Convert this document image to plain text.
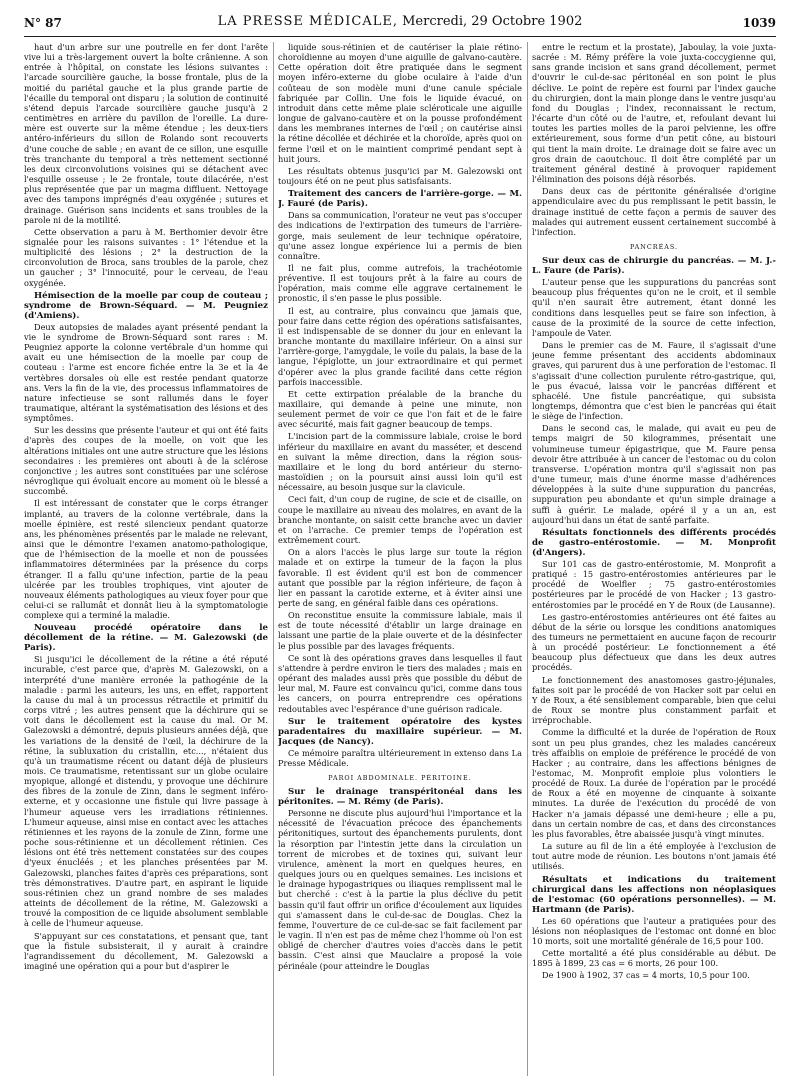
N° 87	LA PRESSE MÉDICALE, Mercredi, 29 Octobre 1902	1039

haut d'un arbre sur une poutrelle en fer dont l'arête vive lui a très-largement ouvert la boîte crânienne. A son entrée à l'hôpital, on constate les lésions suivantes : l'arcade sourcilière gauche, la bosse frontale, plus de la moitié du pariétal gauche et la plus grande partie de l'écaille du temporal ont disparu ; la solution de continuité s'étend depuis l'arcade sourcilière gauche jusqu'à 2 centimètres en arrière du pavillon de l'oreille. La dure-mère est ouverte sur la même étendue ; les deux-tiers antéro-inférieurs du sillon de Rolando sont recouverts d'une couche de sable ; en avant de ce sillon, une esquille très tranchante du temporal a très nettement sectionné les deux circonvolutions voisines qui se détachent avec l'esquille osseuse ; le 2e frontale, toute dilacérée, n'est plus représentée que par un magma diffluent. Nettoyage avec des tampons imprégnés d'eau oxygénée ; sutures et drainage. Guérison sans incidents et sans troubles de la parole ni de la motilité.

Cette observation a paru à M. Berthomier devoir être signalée pour les raisons suivantes : 1° l'étendue et la multiplicité des lésions ; 2° la destruction de la circonvolution de Broca, sans troubles de la parole, chez un gaucher ; 3° l'innocuité, pour le cerveau, de l'eau oxygénée.

Hémisection de la moelle par coup de couteau ; syndrome de Brown-Séquard. — M. Peugniez (d'Amiens).

Deux autopsies de malades ayant présenté pendant la vie le syndrome de Brown-Séquard sont rares : M. Peugniez apporte la colonne vertébrale d'un homme qui avait eu une hémisection de la moelle par coup de couteau : l'arme est encore fichée entre la 3e et la 4e vertèbres dorsales où elle est restée pendant quatorze ans. Vers la fin de la vie, des processus inflammatoires de nature infectieuse se sont rallumés dans le foyer traumatique, altérant la systématisation des lésions et des symptômes.

Sur les dessins que présente l'auteur et qui ont été faits d'après des coupes de la moelle, on voit que les altérations initiales ont une autre structure que les lésions secondaires : les premières ont abouti à de la sclérose conjonctive ; les autres sont constituées par une sclérose névroglique qui évoluait encore au moment où le blessé a succombé.

Il est intéressant de constater que le corps étranger implanté, au travers de la colonne vertébrale, dans la moelle épinière, est resté silencieux pendant quatorze ans, les phénomènes présentés par le malade ne relevant, ainsi que le démontre l'examen anatomo-pathologique, que de l'hémisection de la moelle et non de poussées inflammatoires déterminées par la présence du corps étranger. Il a fallu qu'une infection, partie de la peau ulcérée par les troubles trophiques, vint ajouter de nouveaux éléments pathologiques au vieux foyer pour que celui-ci se rallumât et donnât lieu à la symptomatologie complexe qui a terminé la maladie.

Nouveau procédé opératoire dans le décollement de la rétine. — M. Galezowski (de Paris).

Si jusqu'ici le décollement de la rétine a été réputé incurable, c'est parce que, d'après M. Galezowski, on a interprété d'une manière erronée la pathogénie de la maladie : parmi les auteurs, les uns, en effet, rapportent la cause du mal à un processus rétractile et primitif du corps vitré ; les autres pensent que la déchirure qui se voit dans le décollement est la cause du mal. Or M. Galezowski a démontré, depuis plusieurs années déjà, que les variations de la densité de l'œil, la déchirure de la rétine, la subluxation du cristallin, etc..., n'étaient dus qu'à un traumatisme récent ou datant déjà de plusieurs mois. Ce traumatisme, retentissant sur un globe oculaire myopique, allongé et distendu, y provoque une déchirure des fibres de la zonule de Zinn, dans le segment inféro-externe, et y occasionne une fistule qui livre passage à l'humeur aqueuse vers les irradiations rétiniennes. L'humeur aqueuse, ainsi mise en contact avec les attaches rétiniennes et les rayons de la zonule de Zinn, forme une poche sous-rétinienne et un décollement rétinien. Ces lésions ont été très nettement constatées sur des coupes d'yeux énucléés ; et les planches présentées par M. Galezowski, planches faites d'après ces préparations, sont très démonstratives. D'autre part, en aspirant le liquide sous-rétinien chez un grand nombre de ses malades atteints de décollement de la rétine, M. Galezowski a trouvé la composition de ce liquide absolument semblable à celle de l'humeur aqueuse.

S'appuyant sur ces constatations, et pensant que, tant que la fistule subsisterait, il y aurait à craindre l'agrandissement du décollement, M. Galezowski a imaginé une opération qui a pour but d'aspirer le

liquide sous-rétinien et de cautériser la plaie rétino-choroïdienne au moyen d'une aiguille de galvano-cautère. Cette opération doit être pratiquée dans le segment moyen inféro-externe du globe oculaire à l'aide d'un coûteau de son modèle muni d'une canule spéciale fabriquée par Collin. Une fois le liquide évacué, on introduit dans cette même plaie scléroticale une aiguille longue de galvano-cautère et on la pousse profondément dans les membranes internes de l'œil ; on cautérise ainsi la rétine décollée et déchirée et la choroïde, après quoi on ferme l'œil et on le maintient comprimé pendant sept à huit jours.

Les résultats obtenus jusqu'ici par M. Galezowski ont toujours été on ne peut plus satisfaisants.

Traitement des cancers de l'arrière-gorge. — M. J. Fauré (de Paris).

Dans sa communication, l'orateur ne veut pas s'occuper des indications de l'extirpation des tumeurs de l'arrière-gorge, mais seulement de leur technique opératoire, qu'une assez longue expérience lui a permis de bien connaître.

Il ne fait plus, comme autrefois, la trachéotomie préventive. Il est toujours prêt à la faire au cours de l'opération, mais comme elle aggrave certainement le pronostic, il s'en passe le plus possible.

Il est, au contraire, plus convaincu que jamais que, pour faire dans cette région des opérations satisfaisantes, il est indispensable de se donner du jour en enlevant la branche montante du maxillaire inférieur. On a ainsi sur l'arrière-gorge, l'amygdale, le voile du palais, la base de la langue, l'épiglotte, un jour extraordinaire et qui permet d'opérer avec la plus grande facilité dans cette région parfois inaccessible.

Et cette extirpation préalable de la branche du maxillaire, qui demande à peine une minute, non seulement permet de voir ce que l'on fait et de le faire avec sécurité, mais fait gagner beaucoup de temps.

L'incision part de la commissure labiale, croise le bord inférieur du maxillaire en avant du masséter, et descend en suivant la même direction, dans la région sous-maxillaire et le long du bord antérieur du sterno-mastoïdien ; on la poursuit ainsi aussi loin qu'il est nécessaire, au besoin jusque sur la clavicule.

Ceci fait, d'un coup de rugine, de scie et de cisaille, on coupe le maxillaire au niveau des molaires, en avant de la branche montante, on saisit cette branche avec un davier et on l'arrache. Ce premier temps de l'opération est extrêmement court.

On a alors l'accès le plus large sur toute la région malade et on extirpe la tumeur de la façon la plus favorable. Il est évident qu'il est bon de commencer autant que possible par la région inférieure, de façon à lier en passant la carotide externe, et à éviter ainsi une perte de sang, en général faible dans ces opérations.

On reconstitue ensuite la commissure labiale, mais il est de toute nécessité d'établir un large drainage en laissant une partie de la plaie ouverte et de la désinfecter le plus possible par des lavages fréquents.

Ce sont là des opérations graves dans lesquelles il faut s'attendre à perdre environ le tiers des malades ; mais en opérant des malades aussi près que possible du début de leur mal, M. Faure est convaincu qu'ici, comme dans tous les cancers, on pourra entreprendre ces opérations redoutables avec l'espérance d'une guérison radicale.

Sur le traitement opératoire des kystes paradentaires du maxillaire supérieur. — M. Jacques (de Nancy).

Ce mémoire paraîtra ultérieurement in extenso dans La Presse Médicale.

PAROI ABDOMINALE. PÉRITOINE.

Sur le drainage transpéritonéal dans les péritonites. — M. Rémy (de Paris).

Personne ne discute plus aujourd'hui l'importance et la nécessité de l'évacuation précoce des épanchements péritonitiques, surtout des épanchements purulents, dont la résorption par l'intestin jette dans la circulation un torrent de microbes et de toxines qui, suivant leur virulence, amènent la mort en quelques heures, en quelques jours ou en quelques semaines. Les incisions et le drainage hypogastriques ou iliaques remplissent mal le but cherché : c'est à la partie la plus déclive du petit bassin qu'il faut offrir un orifice d'écoulement aux liquides qui s'amassent dans le cul-de-sac de Douglas. Chez la femme, l'ouverture de ce cul-de-sac se fait facilement par le vagin. Il n'en est pas de même chez l'homme où l'on est obligé de chercher d'autres voies d'accès dans le petit bassin. C'est ainsi que Mauclaire a proposé la voie périnéale (pour atteindre le Douglas

entre le rectum et la prostate), Jaboulay, la voie juxta-sacrée : M. Rémy préfère la voie juxta-coccygienne qui, sans grande incision et sans grand décollement, permet d'ouvrir le cul-de-sac péritonéal en son point le plus déclive. Le point de repère est fourni par l'index gauche du chirurgien, dont la main plonge dans le ventre jusqu'au fond du Douglas ; l'index, reconnaissant le rectum, l'écarte d'un côté ou de l'autre, et, refoulant devant lui toutes les parties molles de la paroi pelvienne, les offre extérieurement, sous forme d'un petit cône, au bistouri qui tient la main droite. Le drainage doit se faire avec un gros drain de caoutchouc. Il doit être complété par un traitement général destiné à provoquer rapidement l'élimination des poisons déjà résorbés.

Dans deux cas de péritonite généralisée d'origine appendiculaire avec du pus remplissant le petit bassin, le drainage institué de cette façon a permis de sauver des malades qui autrement eussent certainement succombé à l'infection.

PANCRÉAS.

Sur deux cas de chirurgie du pancréas. — M. J.-L. Faure (de Paris).

L'auteur pense que les suppurations du pancréas sont beaucoup plus fréquentes qu'on ne le croit, et il semble qu'il n'en saurait être autrement, étant donné les conditions dans lesquelles peut se faire son infection, à cause de la proximité de la source de cette infection, l'ampoule de Vater.

Dans le premier cas de M. Faure, il s'agissait d'une jeune femme présentant des accidents abdominaux graves, qui parurent dus à une perforation de l'estomac. Il s'agissait d'une collection purulente rétro-gastrique, qui, le pus évacué, laissa voir le pancréas différent et sphacélé. Une fistule pancréatique, qui subsista longtemps, démontra que c'est bien le pancréas qui était le siège de l'infection.

Dans le second cas, le malade, qui avait eu peu de temps maigri de 50 kilogrammes, présentait une volumineuse tumeur épigastrique, que M. Faure pensa devoir être attribuée à un cancer de l'estomac ou du colon transverse. L'opération montra qu'il s'agissait non pas d'une tumeur, mais d'une énorme masse d'adhérences développées à la suite d'une suppuration du pancréas, suppuration peu abondante et qu'un simple drainage a suffi à guérir. Le malade, opéré il y a un an, est aujourd'hui dans un état de santé parfaite.

Résultats fonctionnels des différents procédés de gastro-entérostomie. — M. Monprofit (d'Angers).

Sur 101 cas de gastro-entérostomie, M. Monprofit a pratiqué : 15 gastro-entérostomies antérieures par le procédé de Woelfler ; 75 gastro-entérostomies postérieures par le procédé de von Hacker ; 13 gastro-entérostomies par le procédé en Y de Roux (de Lausanne).

Les gastro-entérostomies antérieures ont été faites au début de la série ou lorsque les conditions anatomiques des tumeurs ne permettaient en aucune façon de recourir à un procédé postérieur. Le fonctionnement a été beaucoup plus défectueux que dans les deux autres procédés.

Le fonctionnement des anastomoses gastro-jéjunales, faites soit par le procédé de von Hacker soit par celui en Y de Roux, a été sensiblement comparable, bien que celui de Roux se montre plus constamment parfait et irréprochable.

Comme la difficulté et la durée de l'opération de Roux sont un peu plus grandes, chez les malades cancéreux très affaiblis on emploie de préférence le procédé de von Hacker ; au contraire, dans les affections bénignes de l'estomac, M. Monprofit emploie plus volontiers le procédé de Roux. La durée de l'opération par le procédé de Roux a été en moyenne de cinquante à soixante minutes. La durée de l'exécution du procédé de von Hacker n'a jamais dépassé une demi-heure ; elle a pu, dans un certain nombre de cas, et dans des circonstances les plus favorables, être abaissée jusqu'à vingt minutes.

La suture au fil de lin a été employée à l'exclusion de tout autre mode de réunion. Les boutons n'ont jamais été utilisés.

Résultats et indications du traitement chirurgical dans les affections non néoplasiques de l'estomac (60 opérations personnelles). — M. Hartmann (de Paris).

Les 60 opérations que l'auteur a pratiquées pour des lésions non néoplasiques de l'estomac ont donné en bloc 10 morts, soit une mortalité générale de 16,5 pour 100.

Cette mortalité a été plus considérable au début. De 1895 à 1899, 23 cas = 6 morts, 26 pour 100.

De 1900 à 1902, 37 cas = 4 morts, 10,5 pour 100.
